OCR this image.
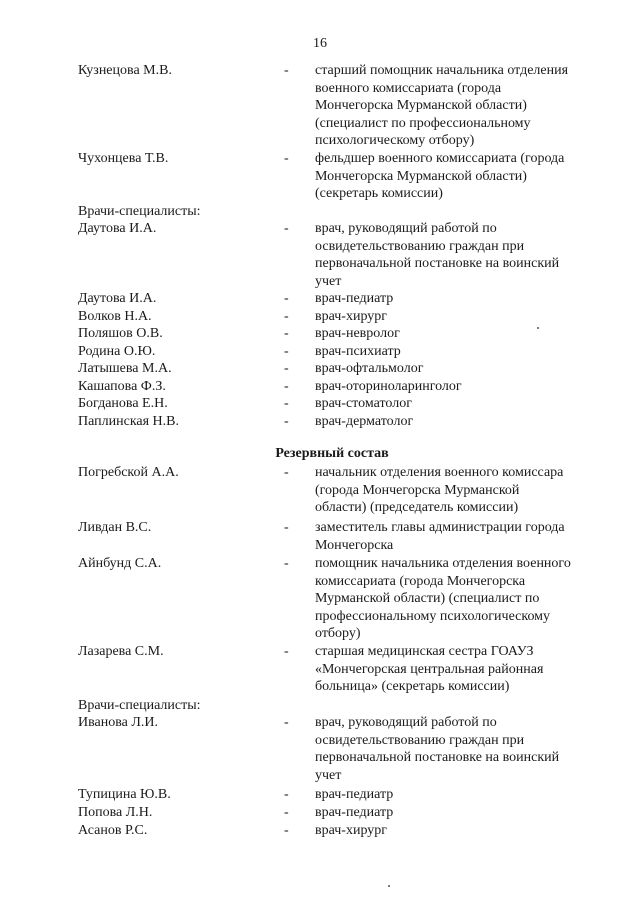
16
Кузнецова М.В.	- старший помощник начальника отделения
военного комиссариата (города
Мончегорска Мурманской области)
(специалист по профессиональному
психологическому отбору)
Чухонцева Т.В.	- фельдшер военного комиссариата (города
Мончегорска Мурманской области)
(секретарь комиссии)
Врачи-специалисты:
Даутова И.А.	- врач, руководящий работой по
освидетельствованию граждан при
первоначальной постановке на воинский
учет
Даутова И.А.	- врач-педиатр
Волков Н.А.	- врач-хирург
Поляшов О.В.	- врач-невролог
Родина О.Ю.	- врач-психиатр
Латышева М.А.	- врач-офтальмолог
Кашапова Ф.З.	- врач-оториноларинголог
Богданова Е.Н.	- врач-стоматолог
Паплинская Н.В.	- врач-дерматолог
Резервный состав
Погребской А.А.	- начальник отделения военного комиссара
(города Мончегорска Мурманской
области) (председатель комиссии)
Ливдан В.С.	- заместитель главы администрации города
Мончегорска
Айнбунд С.А.	- помощник начальника отделения военного
комиссариата (города Мончегорска
Мурманской области) (специалист по
профессиональному психологическому
отбору)
Лазарева С.М.	- старшая медицинская сестра ГОАУЗ
«Мончегорская центральная районная
больница» (секретарь комиссии)
Врачи-специалисты:
Иванова Л.И.	- врач, руководящий работой по
освидетельствованию граждан при
первоначальной постановке на воинский
учет
Тупицина Ю.В.	- врач-педиатр
Попова Л.Н.	- врач-педиатр
Асанов Р.С.	- врач-хирург
